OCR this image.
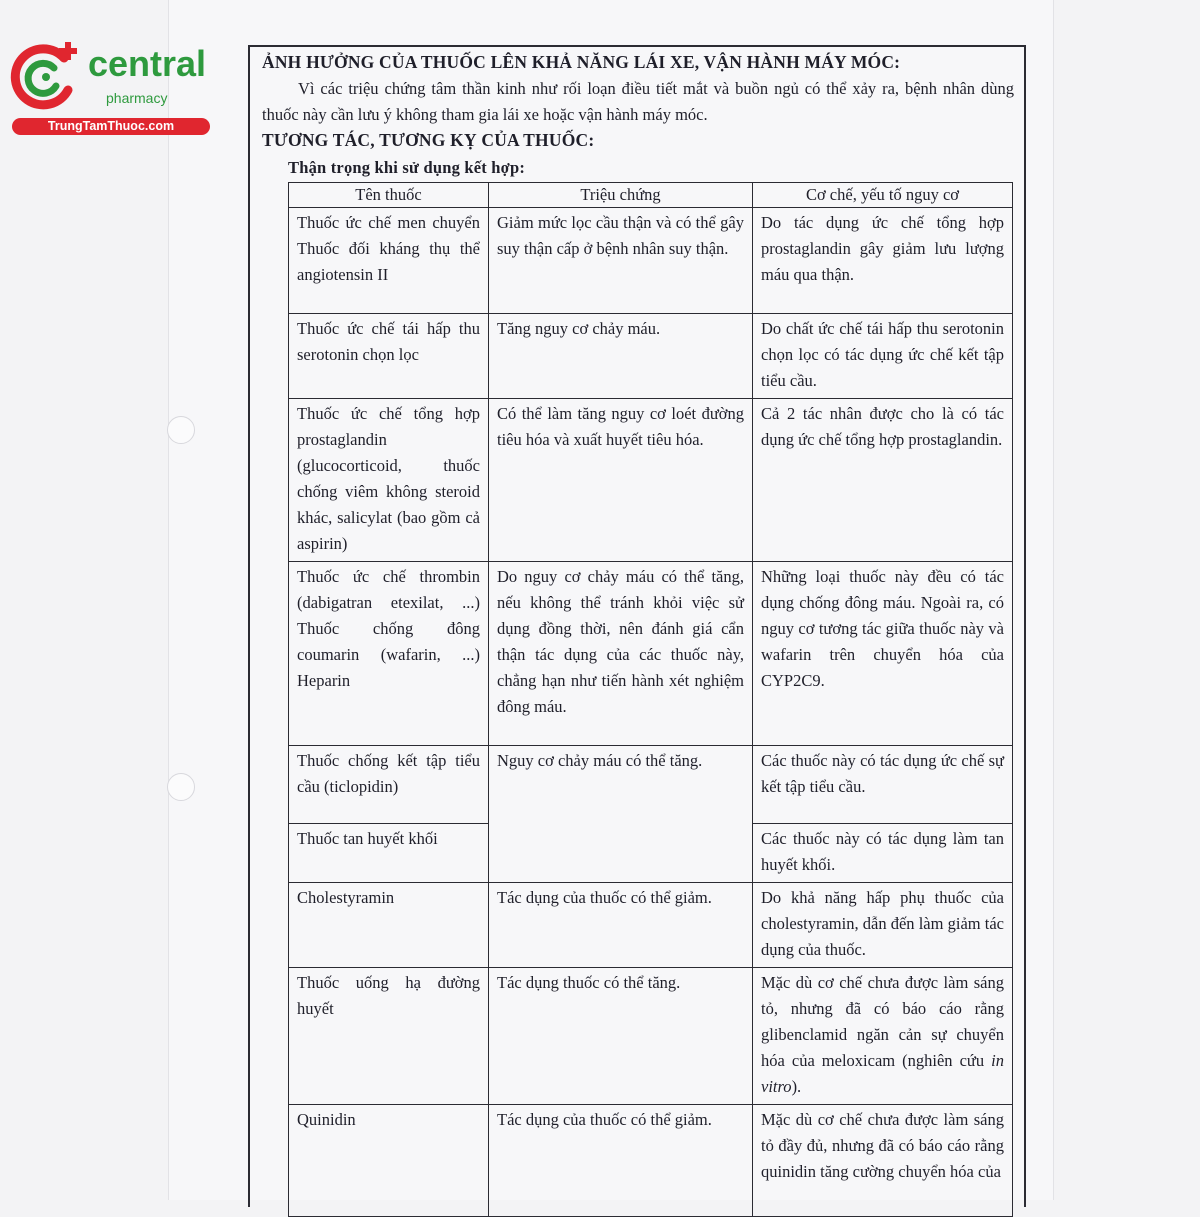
central
pharmacy
TrungTamThuoc.com
ẢNH HƯỞNG CỦA THUỐC LÊN KHẢ NĂNG LÁI XE, VẬN HÀNH MÁY MÓC:
Vì các triệu chứng tâm thần kinh như rối loạn điều tiết mắt và buồn ngủ có thể xảy ra, bệnh nhân dùng thuốc này cần lưu ý không tham gia lái xe hoặc vận hành máy móc.
TƯƠNG TÁC, TƯƠNG KỴ CỦA THUỐC:
Thận trọng khi sử dụng kết hợp:
Tên thuốc	Triệu chứng	Cơ chế, yếu tố nguy cơ
Thuốc ức chế men chuyển Thuốc đối kháng thụ thể angiotensin II	Giảm mức lọc cầu thận và có thể gây suy thận cấp ở bệnh nhân suy thận.	Do tác dụng ức chế tổng hợp prostaglandin gây giảm lưu lượng máu qua thận.
Thuốc ức chế tái hấp thu serotonin chọn lọc	Tăng nguy cơ chảy máu.	Do chất ức chế tái hấp thu serotonin chọn lọc có tác dụng ức chế kết tập tiểu cầu.
Thuốc ức chế tổng hợp prostaglandin (glucocorticoid, thuốc chống viêm không steroid khác, salicylat (bao gồm cả aspirin)	Có thể làm tăng nguy cơ loét đường tiêu hóa và xuất huyết tiêu hóa.	Cả 2 tác nhân được cho là có tác dụng ức chế tổng hợp prostaglandin.
Thuốc ức chế thrombin (dabigatran etexilat, ...) Thuốc chống đông coumarin (wafarin, ...) Heparin	Do nguy cơ chảy máu có thể tăng, nếu không thể tránh khỏi việc sử dụng đồng thời, nên đánh giá cẩn thận tác dụng của các thuốc này, chẳng hạn như tiến hành xét nghiệm đông máu.	Những loại thuốc này đều có tác dụng chống đông máu. Ngoài ra, có nguy cơ tương tác giữa thuốc này và wafarin trên chuyển hóa của CYP2C9.
Thuốc chống kết tập tiểu cầu (ticlopidin)	Nguy cơ chảy máu có thể tăng.	Các thuốc này có tác dụng ức chế sự kết tập tiểu cầu.
Thuốc tan huyết khối		Các thuốc này có tác dụng làm tan huyết khối.
Cholestyramin	Tác dụng của thuốc có thể giảm.	Do khả năng hấp phụ thuốc của cholestyramin, dẫn đến làm giảm tác dụng của thuốc.
Thuốc uống hạ đường huyết	Tác dụng thuốc có thể tăng.	Mặc dù cơ chế chưa được làm sáng tỏ, nhưng đã có báo cáo rằng glibenclamid ngăn cản sự chuyển hóa của meloxicam (nghiên cứu in vitro).
Quinidin	Tác dụng của thuốc có thể giảm.	Mặc dù cơ chế chưa được làm sáng tỏ đầy đủ, nhưng đã có báo cáo rằng quinidin tăng cường chuyển hóa của
